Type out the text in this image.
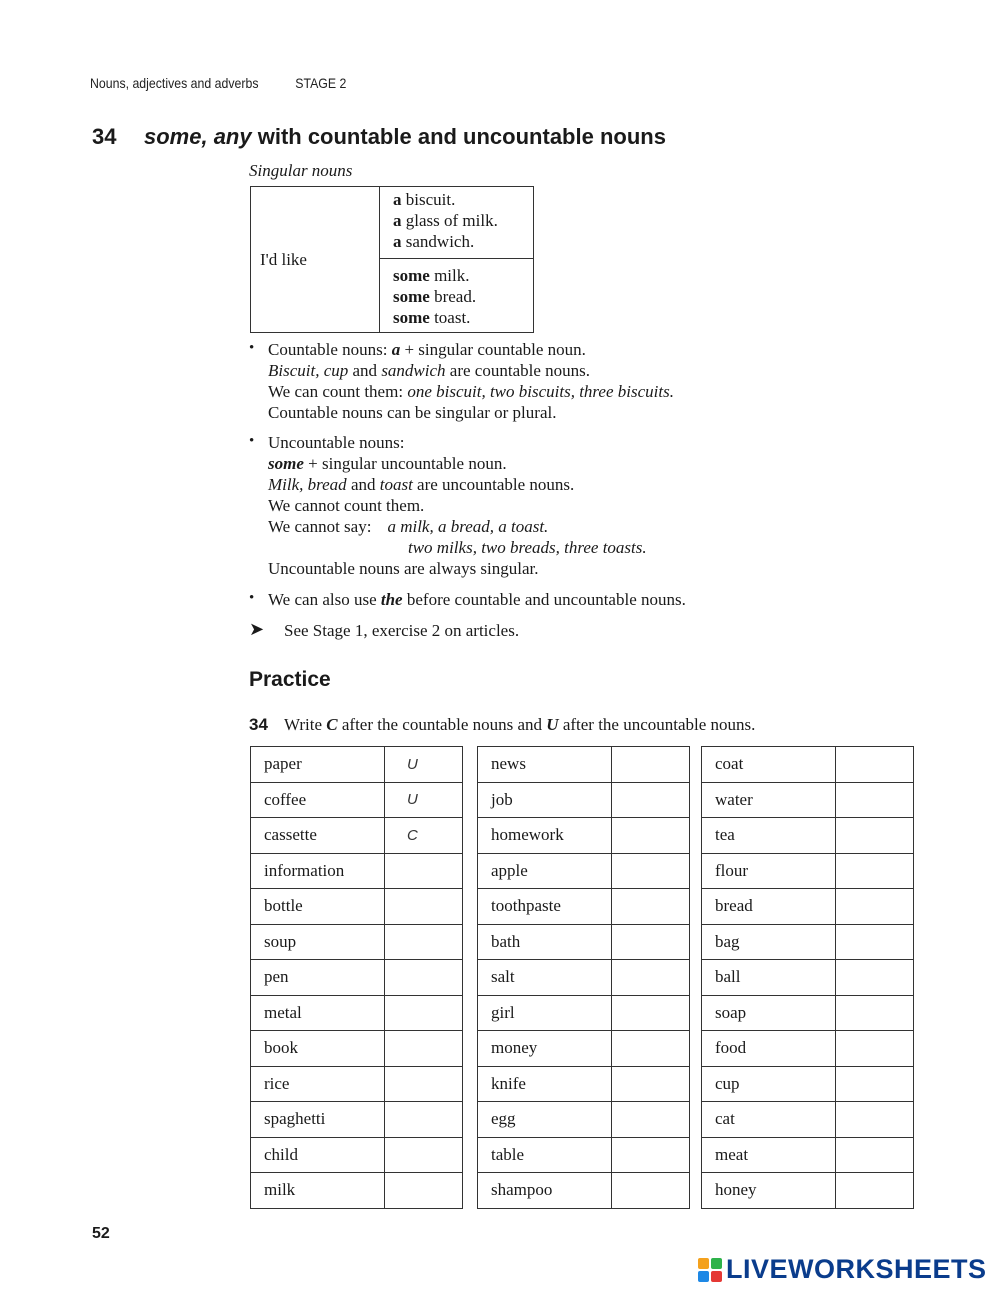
Nouns, adjectives and adverbs	STAGE 2
34 some, any with countable and uncountable nouns
Singular nouns
I'd like
a biscuit.
a glass of milk.
a sandwich.
some milk.
some bread.
some toast.
• Countable nouns: a + singular countable noun.
Biscuit, cup and sandwich are countable nouns.
We can count them: one biscuit, two biscuits, three biscuits.
Countable nouns can be singular or plural.
• Uncountable nouns:
some + singular uncountable noun.
Milk, bread and toast are uncountable nouns.
We cannot count them.
We cannot say: a milk, a bread, a toast.
two milks, two breads, three toasts.
Uncountable nouns are always singular.
• We can also use the before countable and uncountable nouns.
➤ See Stage 1, exercise 2 on articles.
Practice
34 Write C after the countable nouns and U after the uncountable nouns.
paper	U
coffee	U
cassette	C
information	
bottle	
soup	
pen	
metal	
book	
rice	
spaghetti	
child	
milk	
news	
job	
homework	
apple	
toothpaste	
bath	
salt	
girl	
money	
knife	
egg	
table	
shampoo	
coat	
water	
tea	
flour	
bread	
bag	
ball	
soap	
food	
cup	
cat	
meat	
honey	
52
LIVEWORKSHEETS
